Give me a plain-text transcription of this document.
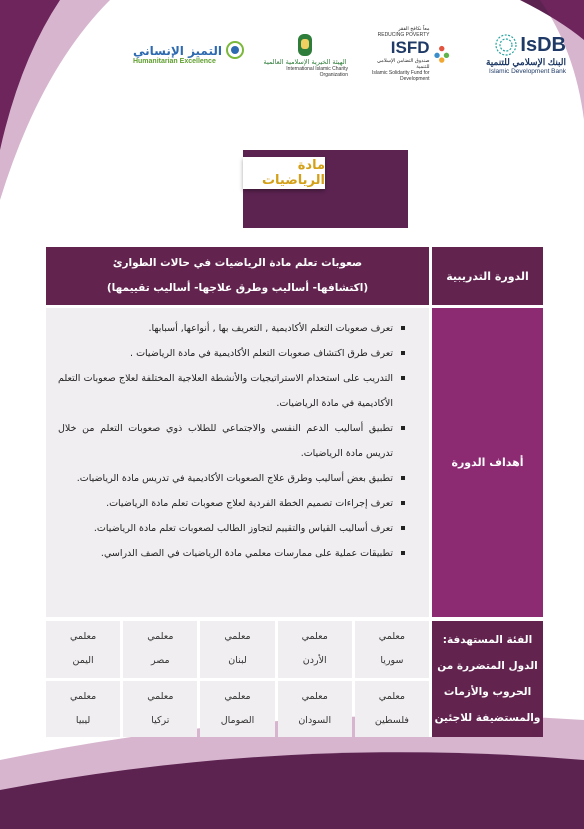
IsDB
البنك الإسلامي للتنمية
Islamic Development Bank
معاً نكافح الفقر
REDUCING POVERTY
ISFD
صندوق التضامن الإسلامي للتنمية
Islamic Solidarity Fund for Development
الهيئة الخيرية الإسلامية العالمية
International Islamic Charity Organization
التميز الإنساني
Humanitarian Excellence
مادة الرياضيات
الدورة التدريبية
صعوبات تعلم مادة الرياضيات في حالات الطوارئ
(اكتشافها- أساليب وطرق علاجها- أساليب تقييمها)
أهداف الدورة
تعرف صعوبات التعلم الأكاديمية , التعريف بها , أنواعها, أسبابها.
تعرف طرق اكتشاف صعوبات التعلم الأكاديمية في مادة الرياضيات .
التدريب على استخدام الاستراتيجيات والأنشطة العلاجية المختلفة لعلاج صعوبات التعلم الأكاديمية في مادة الرياضيات.
تطبيق أساليب الدعم النفسي والاجتماعي للطلاب ذوي صعوبات التعلم من خلال تدريس مادة الرياضيات.
تطبيق بعض أساليب وطرق علاج الصعوبات الأكاديمية في تدريس مادة الرياضيات.
تعرف إجراءات تصميم الخطة الفردية لعلاج صعوبات تعلم مادة الرياضيات.
تعرف أساليب القياس والتقييم لتجاوز الطالب لصعوبات تعلم مادة الرياضيات.
تطبيقات عملية على ممارسات معلمي مادة الرياضيات في الصف الدراسي.
الفئة المستهدفة:
الدول المتضررة من
الحروب والأزمات
والمستضيفة للاجئين
معلمي
سوريا
معلمي
الأردن
معلمي
لبنان
معلمي
مصر
معلمي
اليمن
معلمي
فلسطين
معلمي
السودان
معلمي
الصومال
معلمي
تركيا
معلمي
ليبيا
